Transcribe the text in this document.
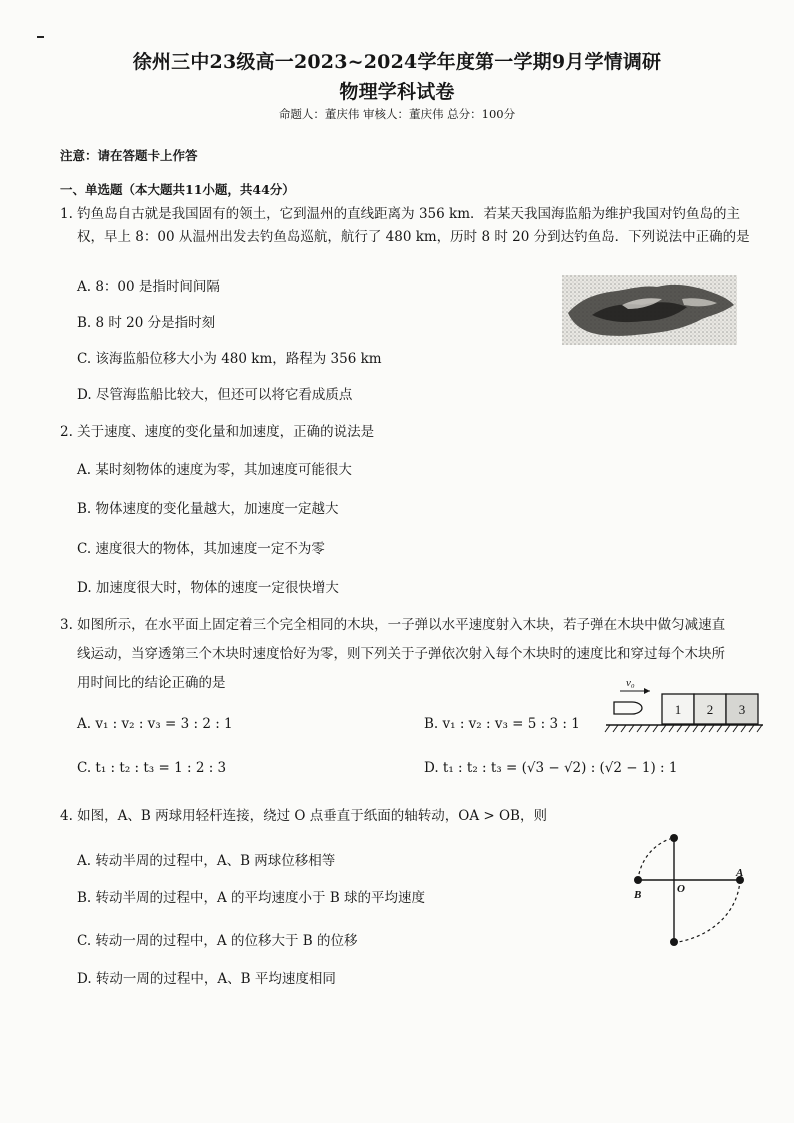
徐州三中23级高一2023~2024学年度第一学期9月学情调研
物理学科试卷
命题人：董庆伟 审核人：董庆伟 总分：100分
注意：请在答题卡上作答
一、单选题（本大题共11小题，共44分）
1. 钓鱼岛自古就是我国固有的领土，它到温州的直线距离为 356 km．若某天我国海监船为维护我国对钓鱼岛的主
权，早上 8：00 从温州出发去钓鱼岛巡航，航行了 480 km，历时 8 时 20 分到达钓鱼岛．下列说法中正确的是
A. 8：00 是指时间间隔
B. 8 时 20 分是指时刻
C. 该海监船位移大小为 480 km，路程为 356 km
D. 尽管海监船比较大，但还可以将它看成质点
2. 关于速度、速度的变化量和加速度，正确的说法是
A. 某时刻物体的速度为零，其加速度可能很大
B. 物体速度的变化量越大，加速度一定越大
C. 速度很大的物体，其加速度一定不为零
D. 加速度很大时，物体的速度一定很快增大
3. 如图所示，在水平面上固定着三个完全相同的木块，一子弹以水平速度射入木块，若子弹在木块中做匀减速直
线运动，当穿透第三个木块时速度恰好为零，则下列关于子弹依次射入每个木块时的速度比和穿过每个木块所
用时间比的结论正确的是
A. v₁ : v₂ : v₃ = 3 : 2 : 1	B. v₁ : v₂ : v₃ = 5 : 3 : 1
C. t₁ : t₂ : t₃ = 1 : 2 : 3	D. t₁ : t₂ : t₃ = (√3 − √2) : (√2 − 1) : 1
v₀
1 2 3
4. 如图，A、B 两球用轻杆连接，绕过 O 点垂直于纸面的轴转动，OA > OB，则
A. 转动半周的过程中，A、B 两球位移相等
B. 转动半周的过程中，A 的平均速度小于 B 球的平均速度
C. 转动一周的过程中，A 的位移大于 B 的位移
D. 转动一周的过程中，A、B 平均速度相同
B	O
A
